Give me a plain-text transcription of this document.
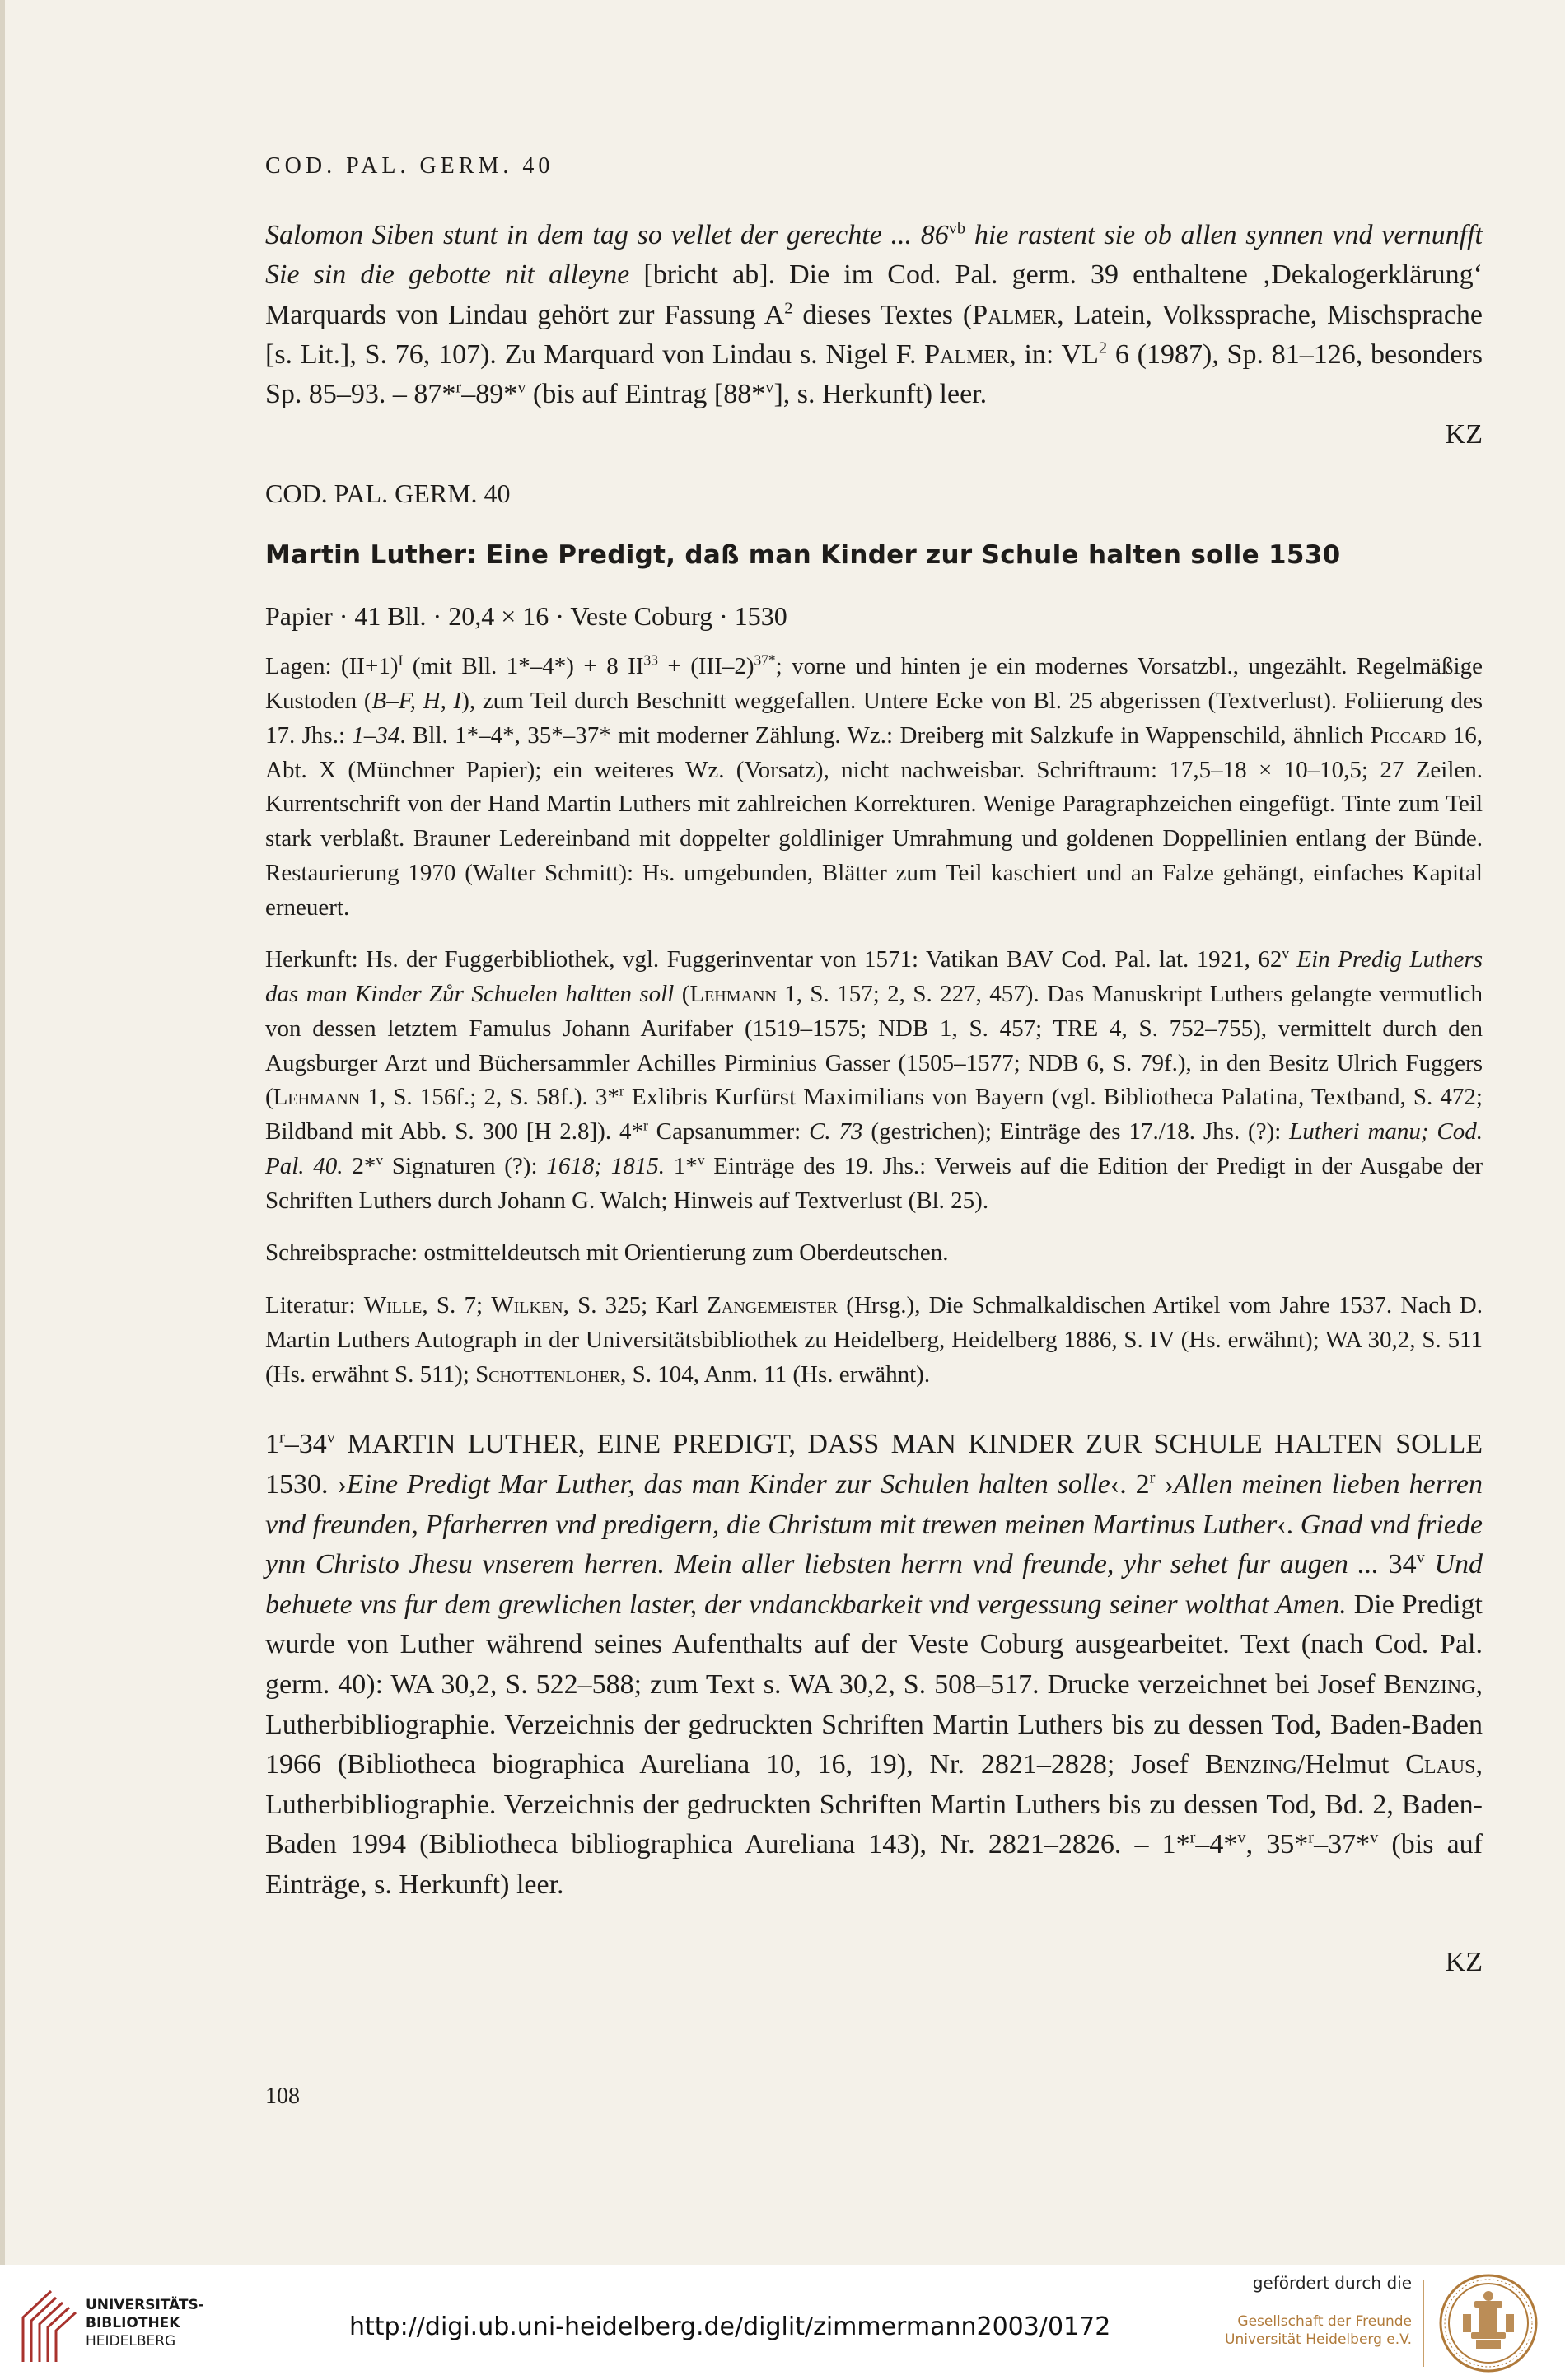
COD. PAL. GERM. 40

Salomon Siben stunt in dem tag so vellet der gerechte ... $86^{vb}$ hie rastent sie ob allen synnen vnd vernunfft Sie sin die gebotte nit alleyne [bricht ab]. Die im Cod. Pal. germ. 39 enthaltene ‚Dekalogerklärung‘ Marquards von Lindau gehört zur Fassung $A^2$ dieses Textes (Palmer, Latein, Volkssprache, Mischsprache [s. Lit.], S. 76, 107). Zu Marquard von Lindau s. Nigel F. Palmer, in: $VL^2$ 6 (1987), Sp. 81–126, besonders Sp. 85–93. – 87*$^r$–89*$^v$ (bis auf Eintrag [88*$^v$], s. Herkunft) leer.

KZ
COD. PAL. GERM. 40
Martin Luther: Eine Predigt, daß man Kinder zur Schule halten solle 1530
Papier · 41 Bll. · 20,4 × 16 · Veste Coburg · 1530

Lagen: $(II+1)^I$ (mit Bll. 1*–4*) + 8 $II^{33} + (III-2)^{37*}$; vorne und hinten je ein modernes Vorsatzbl., ungezählt. Regelmäßige Kustoden (B–F, H, I), zum Teil durch Beschnitt weggefallen. Untere Ecke von Bl. 25 abgerissen (Textverlust). Foliierung des 17. Jhs.: 1–34. Bll. 1*–4*, 35*–37* mit moderner Zählung. Wz.: Dreiberg mit Salzkufe in Wappenschild, ähnlich Piccard 16, Abt. X (Münchner Papier); ein weiteres Wz. (Vorsatz), nicht nachweisbar. Schriftraum: 17,5–18 × 10–10,5; 27 Zeilen. Kurrentschrift von der Hand Martin Luthers mit zahlreichen Korrekturen. Wenige Paragraphzeichen eingefügt. Tinte zum Teil stark verblaßt. Brauner Ledereinband mit doppelter goldliniger Umrahmung und goldenen Doppellinien entlang der Bünde. Restaurierung 1970 (Walter Schmitt): Hs. umgebunden, Blätter zum Teil kaschiert und an Falze gehängt, einfaches Kapital erneuert.

Herkunft: Hs. der Fuggerbibliothek, vgl. Fuggerinventar von 1571: Vatikan BAV Cod. Pal. lat. 1921, 62$^v$ Ein Predig Luthers das man Kinder Zůr Schuelen haltten soll (Lehmann 1, S. 157; 2, S. 227, 457). Das Manuskript Luthers gelangte vermutlich von dessen letztem Famulus Johann Aurifaber (1519–1575; NDB 1, S. 457; TRE 4, S. 752–755), vermittelt durch den Augsburger Arzt und Büchersammler Achilles Pirminius Gasser (1505–1577; NDB 6, S. 79f.), in den Besitz Ulrich Fuggers (Lehmann 1, S. 156f.; 2, S. 58f.). 3*$^r$ Exlibris Kurfürst Maximilians von Bayern (vgl. Bibliotheca Palatina, Textband, S. 472; Bildband mit Abb. S. 300 [H 2.8]). 4*$^r$ Capsanummer: C. 73 (gestrichen); Einträge des 17./18. Jhs. (?): Lutheri manu; Cod. Pal. 40. 2*$^v$ Signaturen (?): 1618; 1815. 1*$^v$ Einträge des 19. Jhs.: Verweis auf die Edition der Predigt in der Ausgabe der Schriften Luthers durch Johann G. Walch; Hinweis auf Textverlust (Bl. 25).

Schreibsprache: ostmitteldeutsch mit Orientierung zum Oberdeutschen.

Literatur: Wille, S. 7; Wilken, S. 325; Karl Zangemeister (Hrsg.), Die Schmalkaldischen Artikel vom Jahre 1537. Nach D. Martin Luthers Autograph in der Universitätsbibliothek zu Heidelberg, Heidelberg 1886, S. IV (Hs. erwähnt); WA 30,2, S. 511 (Hs. erwähnt S. 511); Schottenloher, S. 104, Anm. 11 (Hs. erwähnt).

1$^r$–34$^v$ MARTIN LUTHER, EINE PREDIGT, DASS MAN KINDER ZUR SCHULE HALTEN SOLLE 1530. ›Eine Predigt Mar Luther, das man Kinder zur Schulen halten solle‹. 2$^r$ ›Allen meinen lieben herren vnd freunden, Pfarherren vnd predigern, die Christum mit trewen meinen Martinus Luther‹. Gnad vnd friede ynn Christo Jhesu vnserem herren. Mein aller liebsten herrn vnd freunde, yhr sehet fur augen ... 34$^v$ Und behuete vns fur dem grewlichen laster, der vndanckbarkeit vnd vergessung seiner wolthat Amen. Die Predigt wurde von Luther während seines Aufenthalts auf der Veste Coburg ausgearbeitet. Text (nach Cod. Pal. germ. 40): WA 30,2, S. 522–588; zum Text s. WA 30,2, S. 508–517. Drucke verzeichnet bei Josef Benzing, Lutherbibliographie. Verzeichnis der gedruckten Schriften Martin Luthers bis zu dessen Tod, Baden-Baden 1966 (Bibliotheca biographica Aureliana 10, 16, 19), Nr. 2821–2828; Josef Benzing/Helmut Claus, Lutherbibliographie. Verzeichnis der gedruckten Schriften Martin Luthers bis zu dessen Tod, Bd. 2, Baden-Baden 1994 (Bibliotheca bibliographica Aureliana 143), Nr. 2821–2826. – 1*$^r$–4*$^v$, 35*$^r$–37*$^v$ (bis auf Einträge, s. Herkunft) leer.

KZ
108
UNIVERSITÄTS-
BIBLIOTHEK
HEIDELBERG	http://digi.ub.uni-heidelberg.de/diglit/zimmermann2003/0172
gefördert durch die
Gesellschaft der Freunde
Universität Heidelberg e.V.
